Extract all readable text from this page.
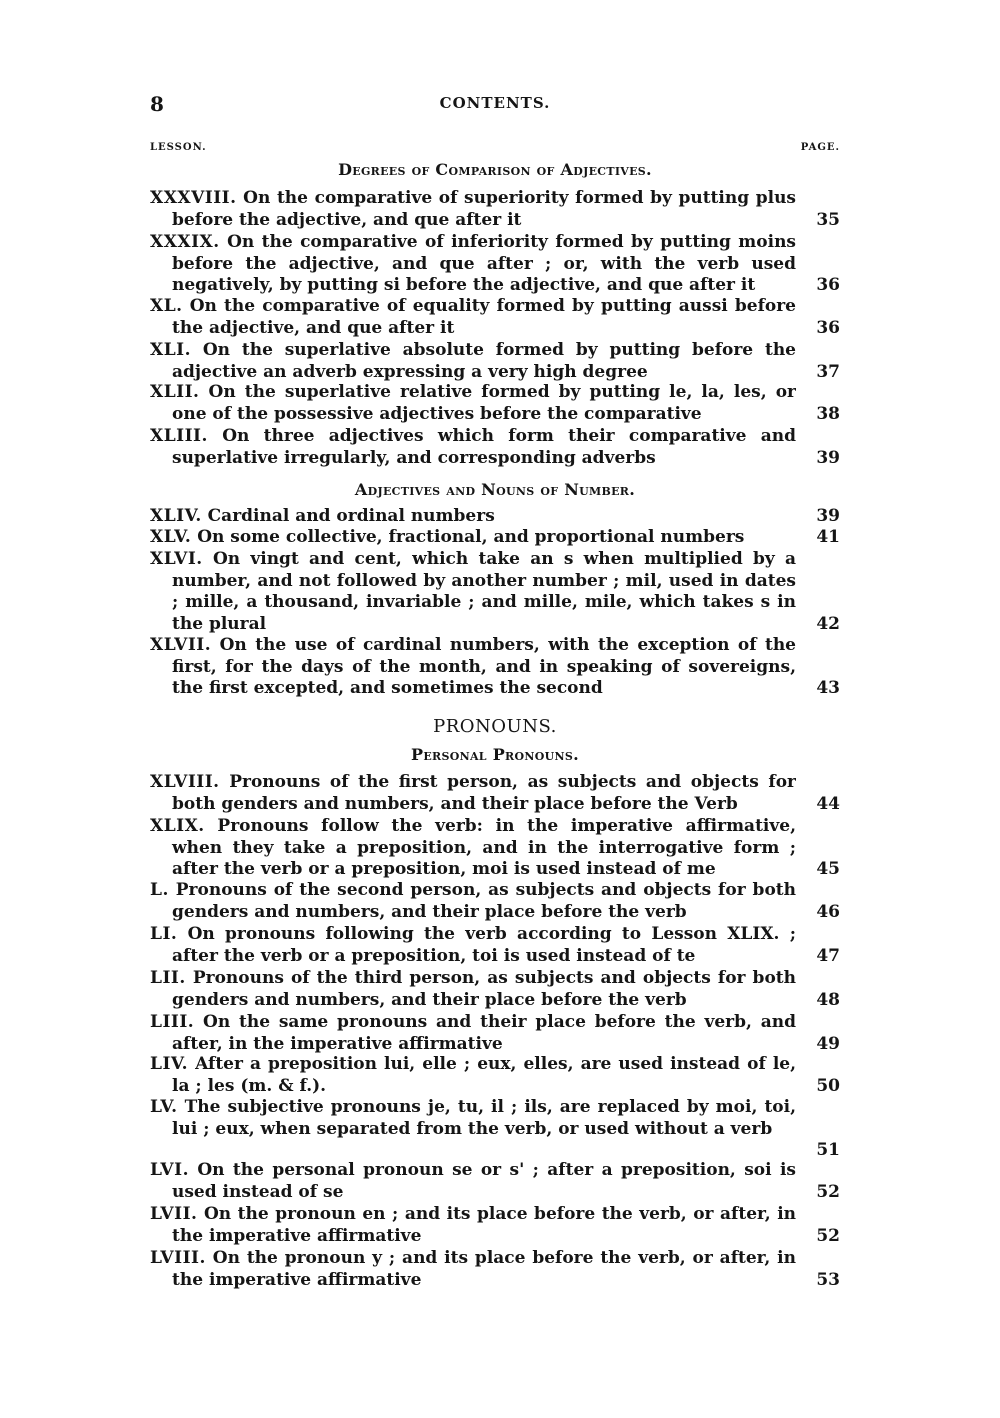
8	CONTENTS.
LESSON.	PAGE.
Degrees of Comparison of Adjectives.
Adjectives and Nouns of Number.
PRONOUNS.
Personal Pronouns.
XXXVIII. On the comparative of superiority formed by putting plus before the adjective, and que after it	35
XXXIX. On the comparative of inferiority formed by putting moins before the adjective, and que after ; or, with the verb used negatively, by putting si before the adjective, and que after it	36
XL. On the comparative of equality formed by putting aussi before the adjective, and que after it	36
XLI. On the superlative absolute formed by putting before the adjective an adverb expressing a very high degree	37
XLII. On the superlative relative formed by putting le, la, les, or one of the possessive adjectives before the comparative	38
XLIII. On three adjectives which form their comparative and superlative irregularly, and corresponding adverbs	39
XLIV. Cardinal and ordinal numbers	39
XLV. On some collective, fractional, and proportional numbers	41
XLVI. On vingt and cent, which take an s when multiplied by a number, and not followed by another number ; mil, used in dates ; mille, a thousand, invariable ; and mille, mile, which takes s in the plural	42
XLVII. On the use of cardinal numbers, with the exception of the first, for the days of the month, and in speaking of sovereigns, the first excepted, and sometimes the second	43
XLVIII. Pronouns of the first person, as subjects and objects for both genders and numbers, and their place before the Verb	44
XLIX. Pronouns follow the verb: in the imperative affirmative, when they take a preposition, and in the interrogative form ; after the verb or a preposition, moi is used instead of me	45
L. Pronouns of the second person, as subjects and objects for both genders and numbers, and their place before the verb	46
LI. On pronouns following the verb according to Lesson XLIX. ; after the verb or a preposition, toi is used instead of te	47
LII. Pronouns of the third person, as subjects and objects for both genders and numbers, and their place before the verb	48
LIII. On the same pronouns and their place before the verb, and after, in the imperative affirmative	49
LIV. After a preposition lui, elle ; eux, elles, are used instead of le, la ; les (m. & f.).	50
LV. The subjective pronouns je, tu, il ; ils, are replaced by moi, toi, lui ; eux, when separated from the verb, or used without a verb
51
LVI. On the personal pronoun se or s' ; after a preposition, soi is used instead of se	52
LVII. On the pronoun en ; and its place before the verb, or after, in the imperative affirmative	52
LVIII. On the pronoun y ; and its place before the verb, or after, in the imperative affirmative	53
